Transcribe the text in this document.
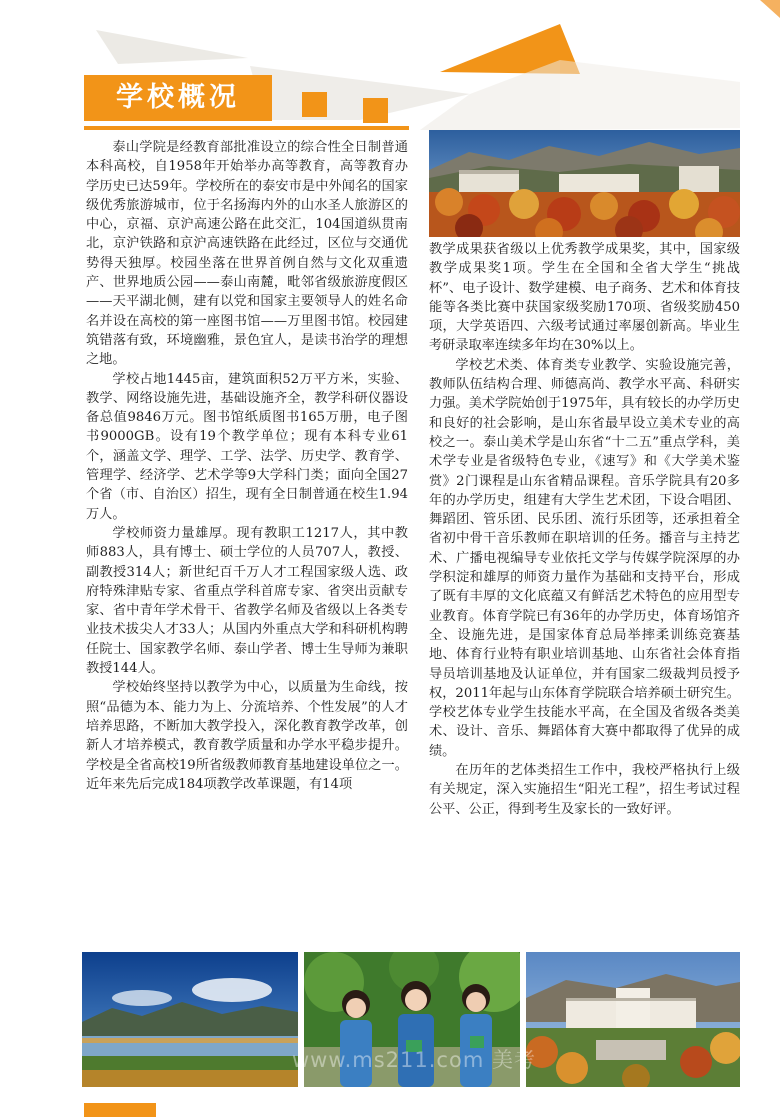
学校概况

泰山学院是经教育部批准设立的综合性全日制普通本科高校，自1958年开始举办高等教育，高等教育办学历史已达59年。学校所在的泰安市是中外闻名的国家级优秀旅游城市，位于名扬海内外的山水圣人旅游区的中心，京福、京沪高速公路在此交汇，104国道纵贯南北，京沪铁路和京沪高速铁路在此经过，区位与交通优势得天独厚。校园坐落在世界首例自然与文化双重遗产、世界地质公园——泰山南麓，毗邻省级旅游度假区——天平湖北侧，建有以党和国家主要领导人的姓名命名并设在高校的第一座图书馆——万里图书馆。校园建筑错落有致，环境幽雅，景色宜人，是读书治学的理想之地。

学校占地1445亩，建筑面积52万平方米，实验、教学、网络设施先进，基础设施齐全，教学科研仪器设备总值9846万元。图书馆纸质图书165万册，电子图书9000GB。设有19个教学单位；现有本科专业61个，涵盖文学、理学、工学、法学、历史学、教育学、管理学、经济学、艺术学等9大学科门类；面向全国27个省（市、自治区）招生，现有全日制普通在校生1.94万人。

学校师资力量雄厚。现有教职工1217人，其中教师883人，具有博士、硕士学位的人员707人，教授、副教授314人；新世纪百千万人才工程国家级人选、政府特殊津贴专家、省重点学科首席专家、省突出贡献专家、省中青年学术骨干、省教学名师及省级以上各类专业技术拔尖人才33人；从国内外重点大学和科研机构聘任院士、国家教学名师、泰山学者、博士生导师为兼职教授144人。

学校始终坚持以教学为中心，以质量为生命线，按照“品德为本、能力为上、分流培养、个性发展”的人才培养思路，不断加大教学投入，深化教育教学改革，创新人才培养模式，教育教学质量和办学水平稳步提升。学校是全省高校19所省级教师教育基地建设单位之一。近年来先后完成184项教学改革课题，有14项

教学成果获省级以上优秀教学成果奖，其中，国家级教学成果奖1项。学生在全国和全省大学生“挑战杯”、电子设计、数学建模、电子商务、艺术和体育技能等各类比赛中获国家级奖励170项、省级奖励450项，大学英语四、六级考试通过率屡创新高。毕业生考研录取率连续多年均在30%以上。

学校艺术类、体育类专业教学、实验设施完善，教师队伍结构合理、师德高尚、教学水平高、科研实力强。美术学院始创于1975年，具有较长的办学历史和良好的社会影响，是山东省最早设立美术专业的高校之一。泰山美术学是山东省“十二五”重点学科，美术学专业是省级特色专业，《速写》和《大学美术鉴赏》2门课程是山东省精品课程。音乐学院具有20多年的办学历史，组建有大学生艺术团，下设合唱团、舞蹈团、管乐团、民乐团、流行乐团等，还承担着全省初中骨干音乐教师在职培训的任务。播音与主持艺术、广播电视编导专业依托文学与传媒学院深厚的办学积淀和雄厚的师资力量作为基础和支持平台，形成了既有丰厚的文化底蕴又有鲜活艺术特色的应用型专业教育。体育学院已有36年的办学历史，体育场馆齐全、设施先进，是国家体育总局举摔柔训练竞赛基地、体育行业特有职业培训基地、山东省社会体育指导员培训基地及认证单位，并有国家二级裁判员授予权，2011年起与山东体育学院联合培养硕士研究生。学校艺体专业学生技能水平高，在全国及省级各类美术、设计、音乐、舞蹈体育大赛中都取得了优异的成绩。

在历年的艺体类招生工作中，我校严格执行上级有关规定，深入实施招生“阳光工程”，招生考试过程公平、公正，得到考生及家长的一致好评。

www.ms211.com 美考
